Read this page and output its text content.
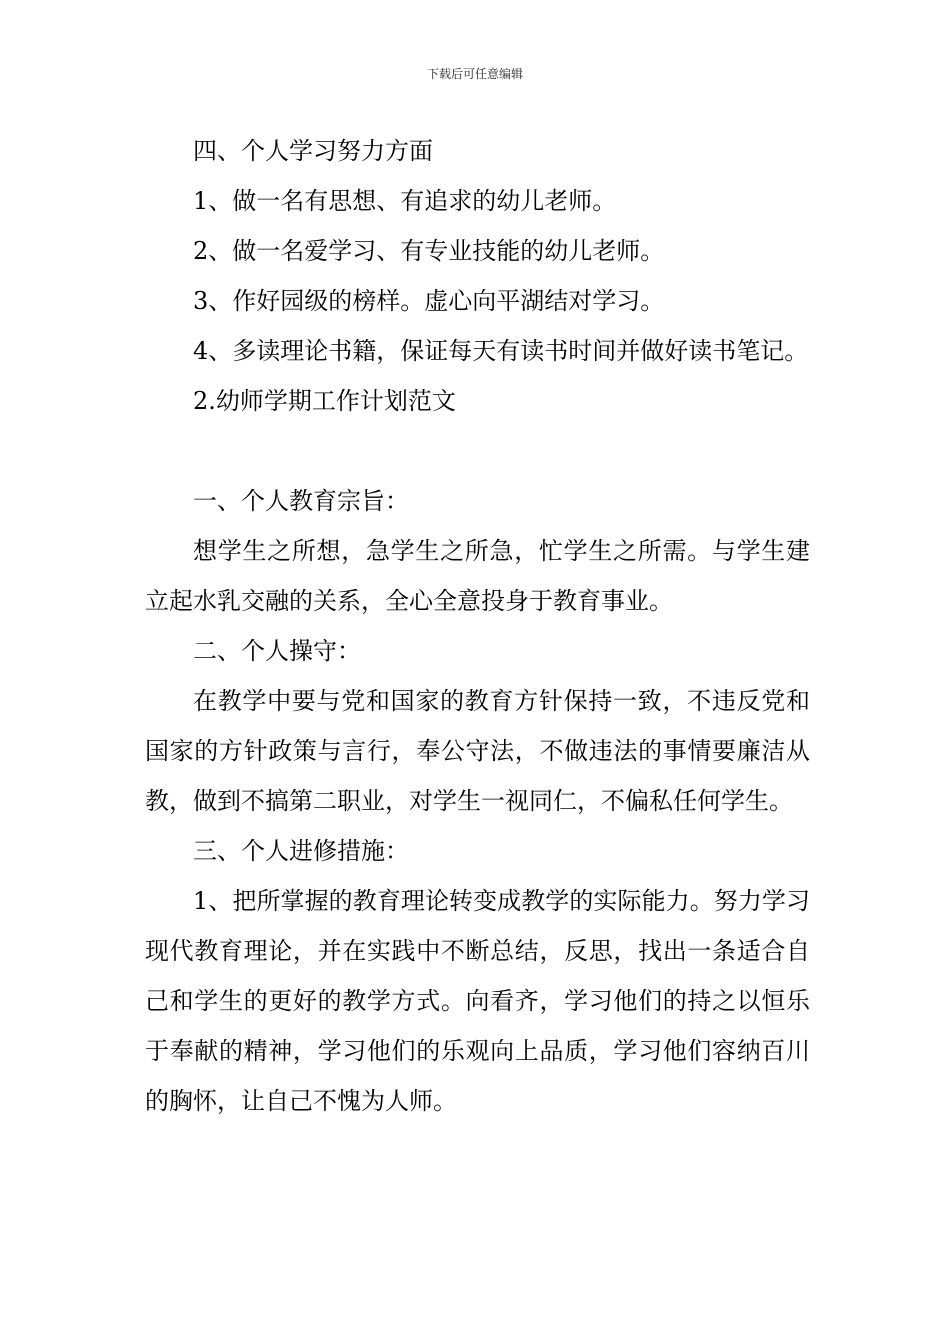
下载后可任意编辑

四、个人学习努力方面

1、做一名有思想、有追求的幼儿老师。

2、做一名爱学习、有专业技能的幼儿老师。

3、作好园级的榜样。虚心向平湖结对学习。

4、多读理论书籍，保证每天有读书时间并做好读书笔记。

2.幼师学期工作计划范文

一、个人教育宗旨：

想学生之所想，急学生之所急，忙学生之所需。与学生建立起水乳交融的关系，全心全意投身于教育事业。

二、个人操守：

在教学中要与党和国家的教育方针保持一致，不违反党和国家的方针政策与言行，奉公守法，不做违法的事情要廉洁从教，做到不搞第二职业，对学生一视同仁，不偏私任何学生。

三、个人进修措施：

1、把所掌握的教育理论转变成教学的实际能力。努力学习现代教育理论，并在实践中不断总结，反思，找出一条适合自己和学生的更好的教学方式。向看齐，学习他们的持之以恒乐于奉献的精神，学习他们的乐观向上品质，学习他们容纳百川的胸怀，让自己不愧为人师。
